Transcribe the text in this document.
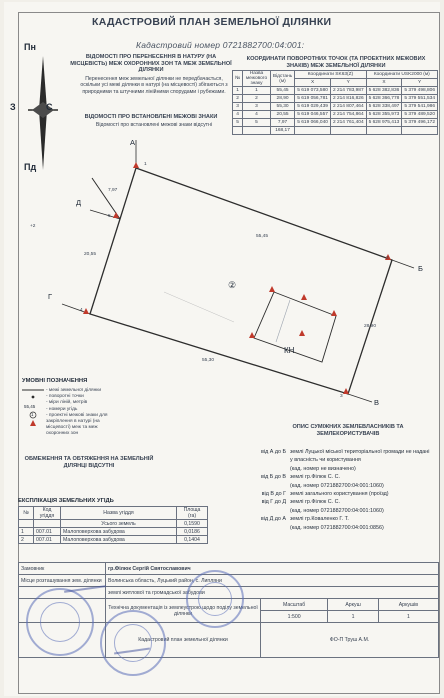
КАДАСТРОВИЙ ПЛАН ЗЕМЕЛЬНОЇ ДІЛЯНКИ
Кадастровий номер 0721882700:04:001:
Пн
Пд
З	С
ВІДОМОСТІ ПРО ПЕРЕНЕСЕННЯ В НАТУРУ (НА МІСЦЕВІСТЬ) МЕЖ ОХОРОННИХ ЗОН ТА МЕЖ ЗЕМЕЛЬНОЇ ДІЛЯНКИ
Перенесення меж земельної ділянки не передбачається, оскільки усі межі ділянки в натурі (на місцевості) збігаються з природними та штучними лінійними спорудами і рубежами.
ВІДОМОСТІ ПРО ВСТАНОВЛЕНІ МЕЖОВІ ЗНАКИ
Відомості про встановлені межові знаки відсутні
КООРДИНАТИ ПОВОРОТНИХ ТОЧОК (ТА ПРОЕКТНИХ МЕЖОВИХ ЗНАКІВ) МЕЖ ЗЕМЕЛЬНОЇ ДІЛЯНКИ
№	Назва межового знаку	Відстань (м)	Координати SK63(Z)		Координати USK2000 (м)	
			X	Y	X	Y
1	1	55,45	5 619 073,580	2 214 783,987	5 628 382,836	5 379 498,806
2	2	28,90	5 619 056,781	2 214 816,826	5 628 366,778	5 379 551,534
3	3	55,30	5 619 029,439	2 214 807,464	5 628 338,497	5 379 541,986
4	4	20,55	5 619 046,557	2 214 754,864	5 628 355,973	5 379 489,520
5	5	7,97	5 619 066,040	2 214 761,404	5 628 975,413	5 379 496,172
		168,17				
А
Б
В
Г
Д
1
2
3
4
5
+2
②
КН
55,45
28,90
55,30
20,55
7,97
УМОВНІ ПОЗНАЧЕННЯ
55,45
1
- межі земельної ділянки
- поворотні точки
- міри ліній, метрів
- номери угідь
- проектні межові знаки для закріплення в натурі (на місцевості) меж та меж охоронних зон
ОБМЕЖЕННЯ ТА ОБТЯЖЕННЯ НА ЗЕМЕЛЬНІЙ ДІЛЯНЦІ ВІДСУТНІ
ОПИС СУМІЖНИХ ЗЕМЛЕВЛАСНИКІВ ТА ЗЕМЛЕКОРИСТУВАЧІВ
від А до Б землі Луцької міської територіальної громади не надані у власність чи користування
(кад. номер не визначено)
від Б до В землі гр.Філюк С. С.
(кад. номер 0721882700:04:001:1060)
від В до Г землі загального користування (проїзд)
від Г до Д землі гр.Філюк С. С.
(кад. номер 0721882700:04:001:1060)
від Д до А землі гр.Коваленко Г. Т.
(кад. номер 0721882700:04:001:0856)
ЕКСПЛІКАЦІЯ ЗЕМЕЛЬНИХ УГІДЬ
№	Код угіддя	Назва угіддя	Площа (га)
		Усього земель	0,1590
1	007.01	Малоповерхова забудова	0,0186
2	007.01	Малоповерхова забудова	0,1404
Замовник	гр.Філюк Сергій Святославович			
Місце розташування зем. ділянки	Волинська область, Луцький район, с. Липляни			
	землі житлової та громадської забудови			
	Технічна документація із землеустрою щодо поділу земельної ділянки	Масштаб	Аркуш	Аркушів
		1:500	1	1
	Кадастровий план земельної ділянки	ФО-П Труш А.М.		
